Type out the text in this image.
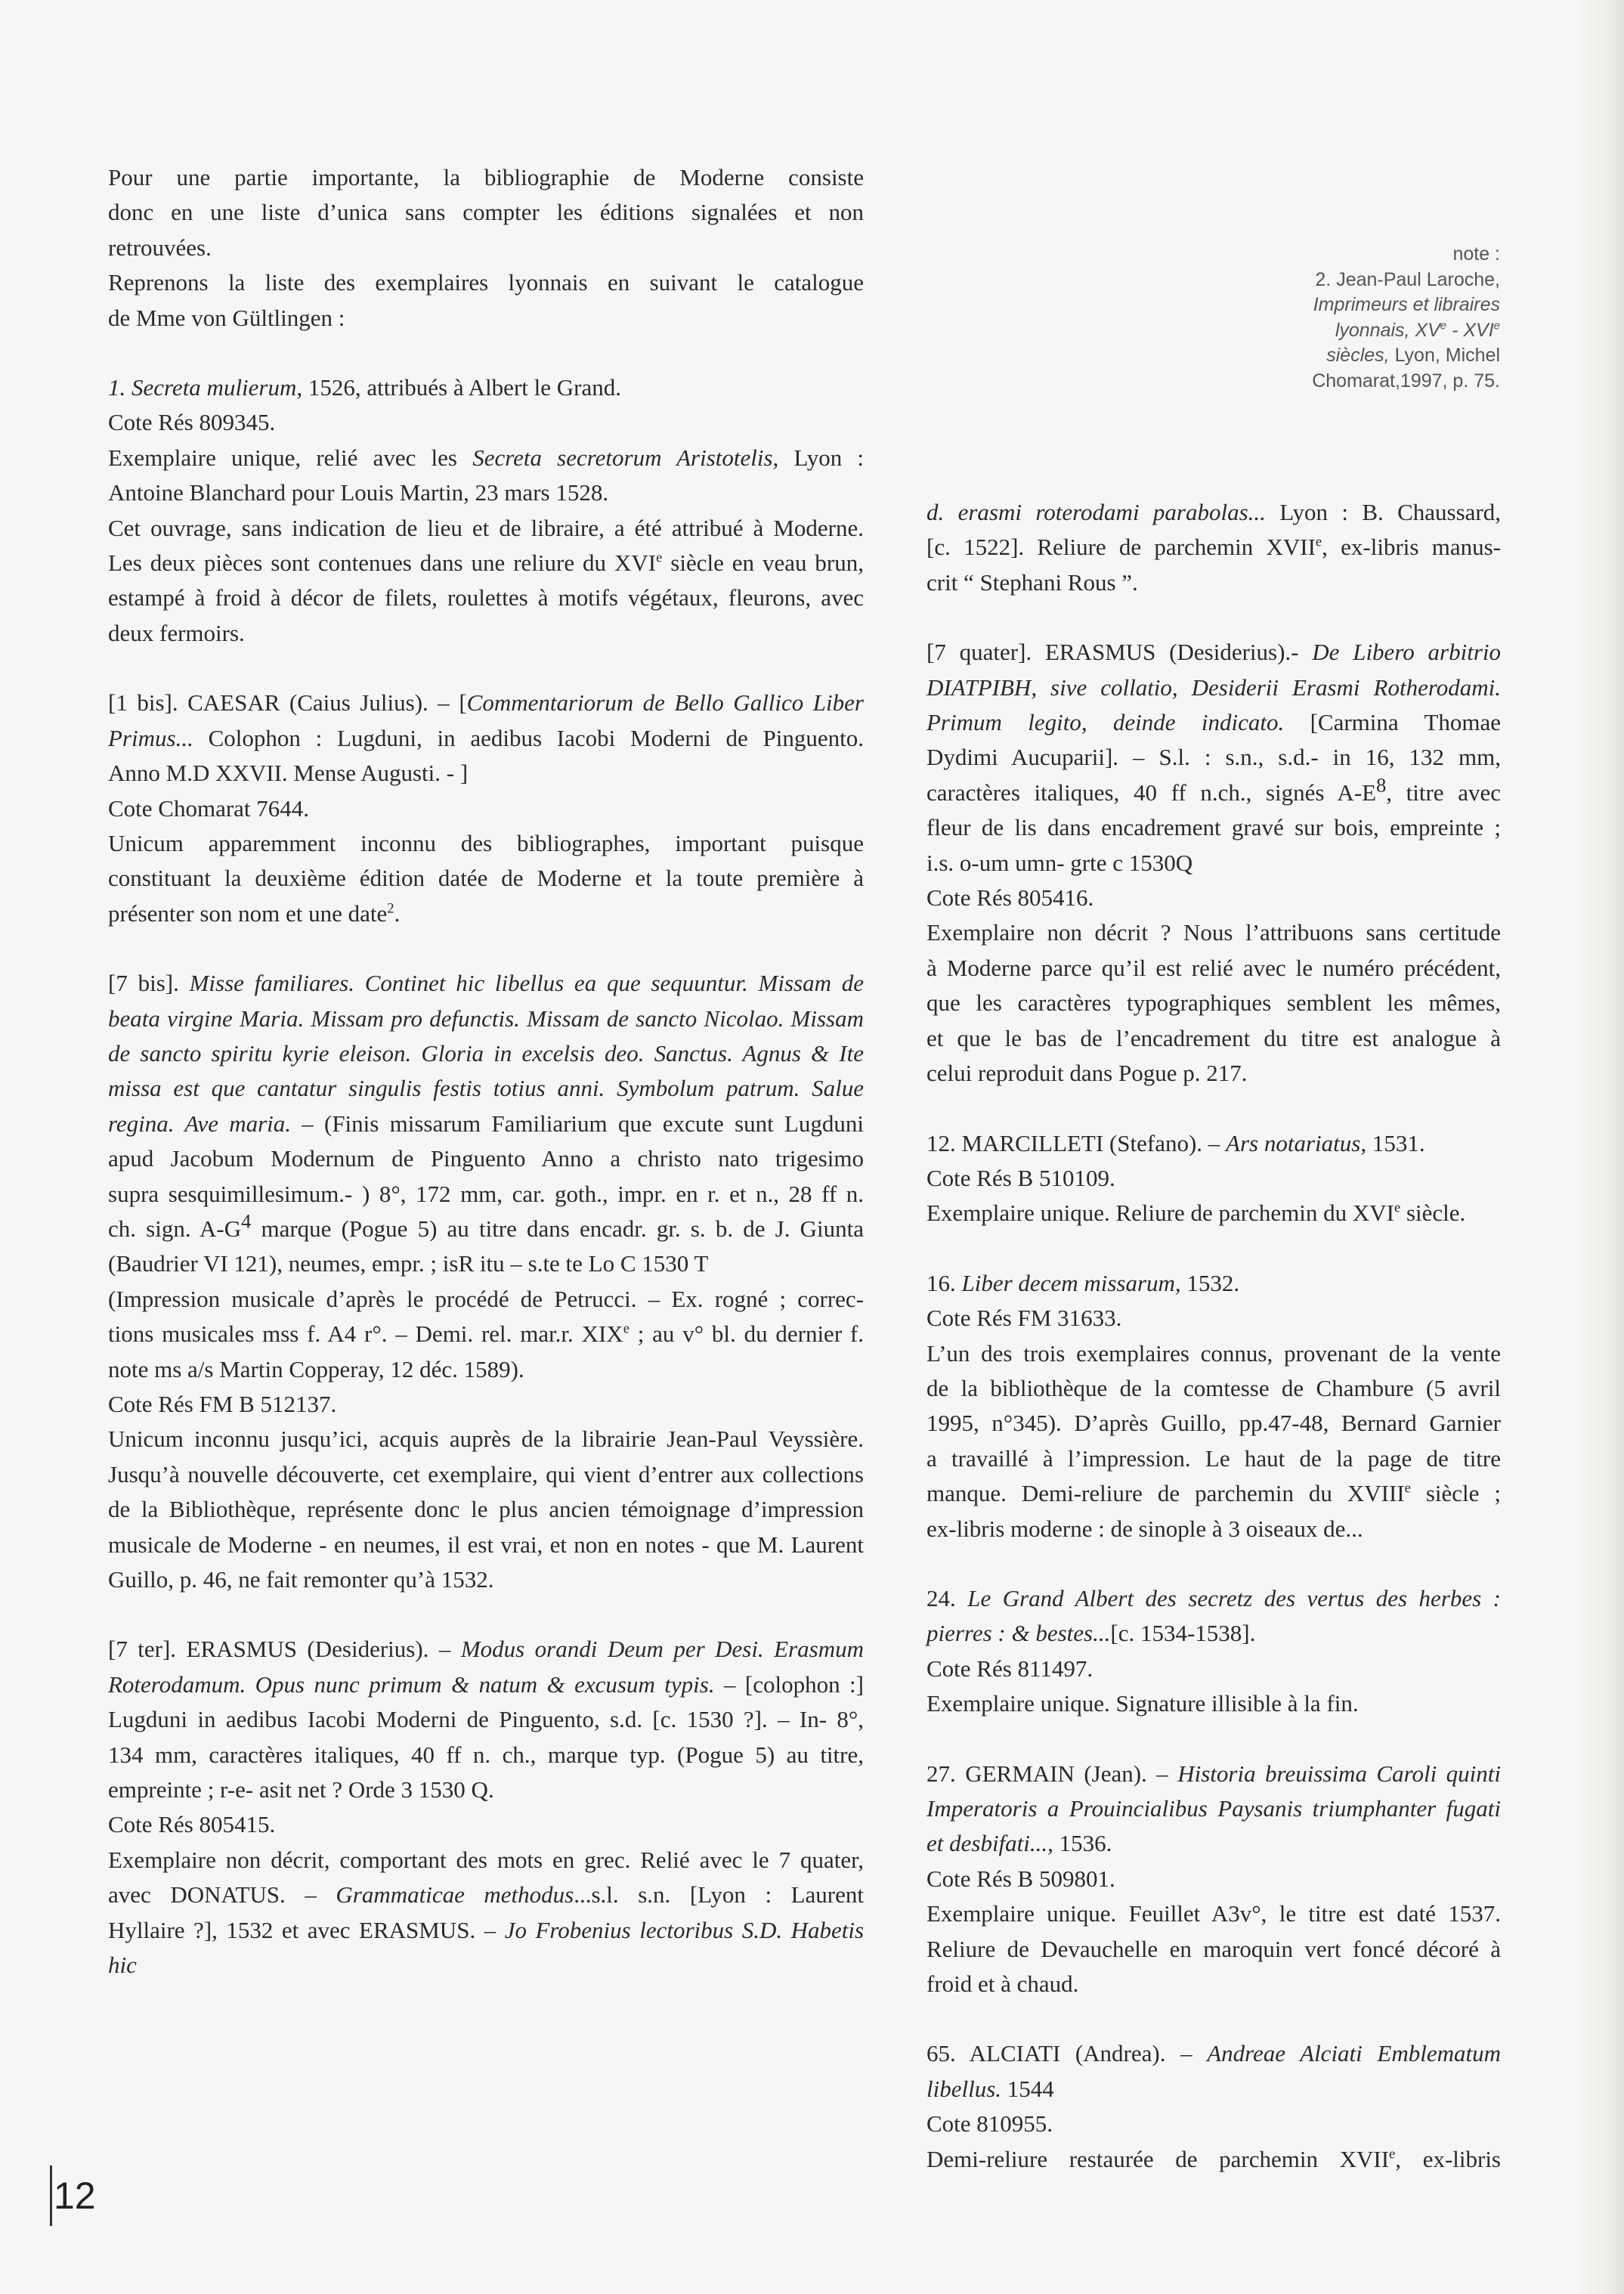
note :

2. Jean-Paul Laroche,

Imprimeurs et libraires

lyonnais, XVe - XVIe

siècles, Lyon, Michel

Chomarat,1997, p. 75.

Pour une partie importante, la bibliographie de Moderne consiste

donc en une liste d’unica sans compter les éditions signalées et non

retrouvées.

Reprenons la liste des exemplaires lyonnais en suivant le catalogue

de Mme von Gültlingen :

1. Secreta mulierum, 1526, attribués à Albert le Grand.

Cote Rés 809345.

Exemplaire unique, relié avec les Secreta secretorum Aristotelis, Lyon :

Antoine Blanchard pour Louis Martin, 23 mars 1528.

Cet ouvrage, sans indication de lieu et de libraire, a été attribué à Moderne.

Les deux pièces sont contenues dans une reliure du XVIe siècle en veau brun,

estampé à froid à décor de filets, roulettes à motifs végétaux, fleurons, avec

deux fermoirs.

[1 bis]. CAESAR (Caius Julius). – [Commentariorum de Bello Gallico Liber

Primus... Colophon : Lugduni, in aedibus Iacobi Moderni de Pinguento.

Anno M.D XXVII. Mense Augusti. - ]

Cote Chomarat 7644.

Unicum apparemment inconnu des bibliographes, important puisque

constituant la deuxième édition datée de Moderne et la toute première à

présenter son nom et une date$^2$.

[7 bis]. Misse familiares. Continet hic libellus ea que sequuntur. Missam de

beata virgine Maria. Missam pro defunctis. Missam de sancto Nicolao. Missam

de sancto spiritu kyrie eleison. Gloria in excelsis deo. Sanctus. Agnus & Ite

missa est que cantatur singulis festis totius anni. Symbolum patrum. Salue

regina. Ave maria. – (Finis missarum Familiarium que excute sunt Lugduni

apud Jacobum Modernum de Pinguento Anno a christo nato trigesimo

supra sesquimillesimum.- ) 8°, 172 mm, car. goth., impr. en r. et n., 28 ff n.

ch. sign. A-G4 marque (Pogue 5) au titre dans encadr. gr. s. b. de J. Giunta

(Baudrier VI 121), neumes, empr. ; isR itu – s.te te Lo C 1530 T

(Impression musicale d’après le procédé de Petrucci. – Ex. rogné ; correc-

tions musicales mss f. A4 r°. – Demi. rel. mar.r. XIXe ; au v° bl. du dernier f.

note ms a/s Martin Copperay, 12 déc. 1589).

Cote Rés FM B 512137.

Unicum inconnu jusqu’ici, acquis auprès de la librairie Jean-Paul Veyssière.

Jusqu’à nouvelle découverte, cet exemplaire, qui vient d’entrer aux collections

de la Bibliothèque, représente donc le plus ancien témoignage d’impression

musicale de Moderne - en neumes, il est vrai, et non en notes - que M. Laurent

Guillo, p. 46, ne fait remonter qu’à 1532.

[7 ter]. ERASMUS (Desiderius). – Modus orandi Deum per Desi. Erasmum

Roterodamum. Opus nunc primum & natum & excusum typis. – [colophon :]

Lugduni in aedibus Iacobi Moderni de Pinguento, s.d. [c. 1530 ?]. – In- 8°,

134 mm, caractères italiques, 40 ff n. ch., marque typ. (Pogue 5) au titre,

empreinte ; r-e- asit net ? Orde 3 1530 Q.

Cote Rés 805415.

Exemplaire non décrit, comportant des mots en grec. Relié avec le 7 quater,

avec DONATUS. – Grammaticae methodus...s.l. s.n. [Lyon : Laurent

Hyllaire ?], 1532 et avec ERASMUS. – Jo Frobenius lectoribus S.D. Habetis hic

d. erasmi roterodami parabolas... Lyon : B. Chaussard,

[c. 1522]. Reliure de parchemin XVIIe, ex-libris manus-

crit “ Stephani Rous ”.

[7 quater]. ERASMUS (Desiderius).- De Libero arbitrio

DIATPIBH, sive collatio, Desiderii Erasmi Rotherodami.

Primum legito, deinde indicato. [Carmina Thomae

Dydimi Aucuparii]. – S.l. : s.n., s.d.- in 16, 132 mm,

caractères italiques, 40 ff n.ch., signés A-E8, titre avec

fleur de lis dans encadrement gravé sur bois, empreinte ;

i.s. o-um umn- grte c 1530Q

Cote Rés 805416.

Exemplaire non décrit ? Nous l’attribuons sans certitude

à Moderne parce qu’il est relié avec le numéro précédent,

que les caractères typographiques semblent les mêmes,

et que le bas de l’encadrement du titre est analogue à

celui reproduit dans Pogue p. 217.

12. MARCILLETI (Stefano). – Ars notariatus, 1531.

Cote Rés B 510109.

Exemplaire unique. Reliure de parchemin du XVIe siècle.

16. Liber decem missarum, 1532.

Cote Rés FM 31633.

L’un des trois exemplaires connus, provenant de la vente

de la bibliothèque de la comtesse de Chambure (5 avril

1995, n°345). D’après Guillo, pp.47-48, Bernard Garnier

a travaillé à l’impression. Le haut de la page de titre

manque. Demi-reliure de parchemin du XVIIIe siècle ;

ex-libris moderne : de sinople à 3 oiseaux de...

24. Le Grand Albert des secretz des vertus des herbes :

pierres : & bestes...[c. 1534-1538].

Cote Rés 811497.

Exemplaire unique. Signature illisible à la fin.

27. GERMAIN (Jean). – Historia breuissima Caroli quinti

Imperatoris a Prouincialibus Paysanis triumphanter fugati

et desbifati..., 1536.

Cote Rés B 509801.

Exemplaire unique. Feuillet A3v°, le titre est daté 1537.

Reliure de Devauchelle en maroquin vert foncé décoré à

froid et à chaud.

65. ALCIATI (Andrea). – Andreae Alciati Emblematum

libellus. 1544

Cote 810955.

Demi-reliure restaurée de parchemin XVIIe, ex-libris

12
